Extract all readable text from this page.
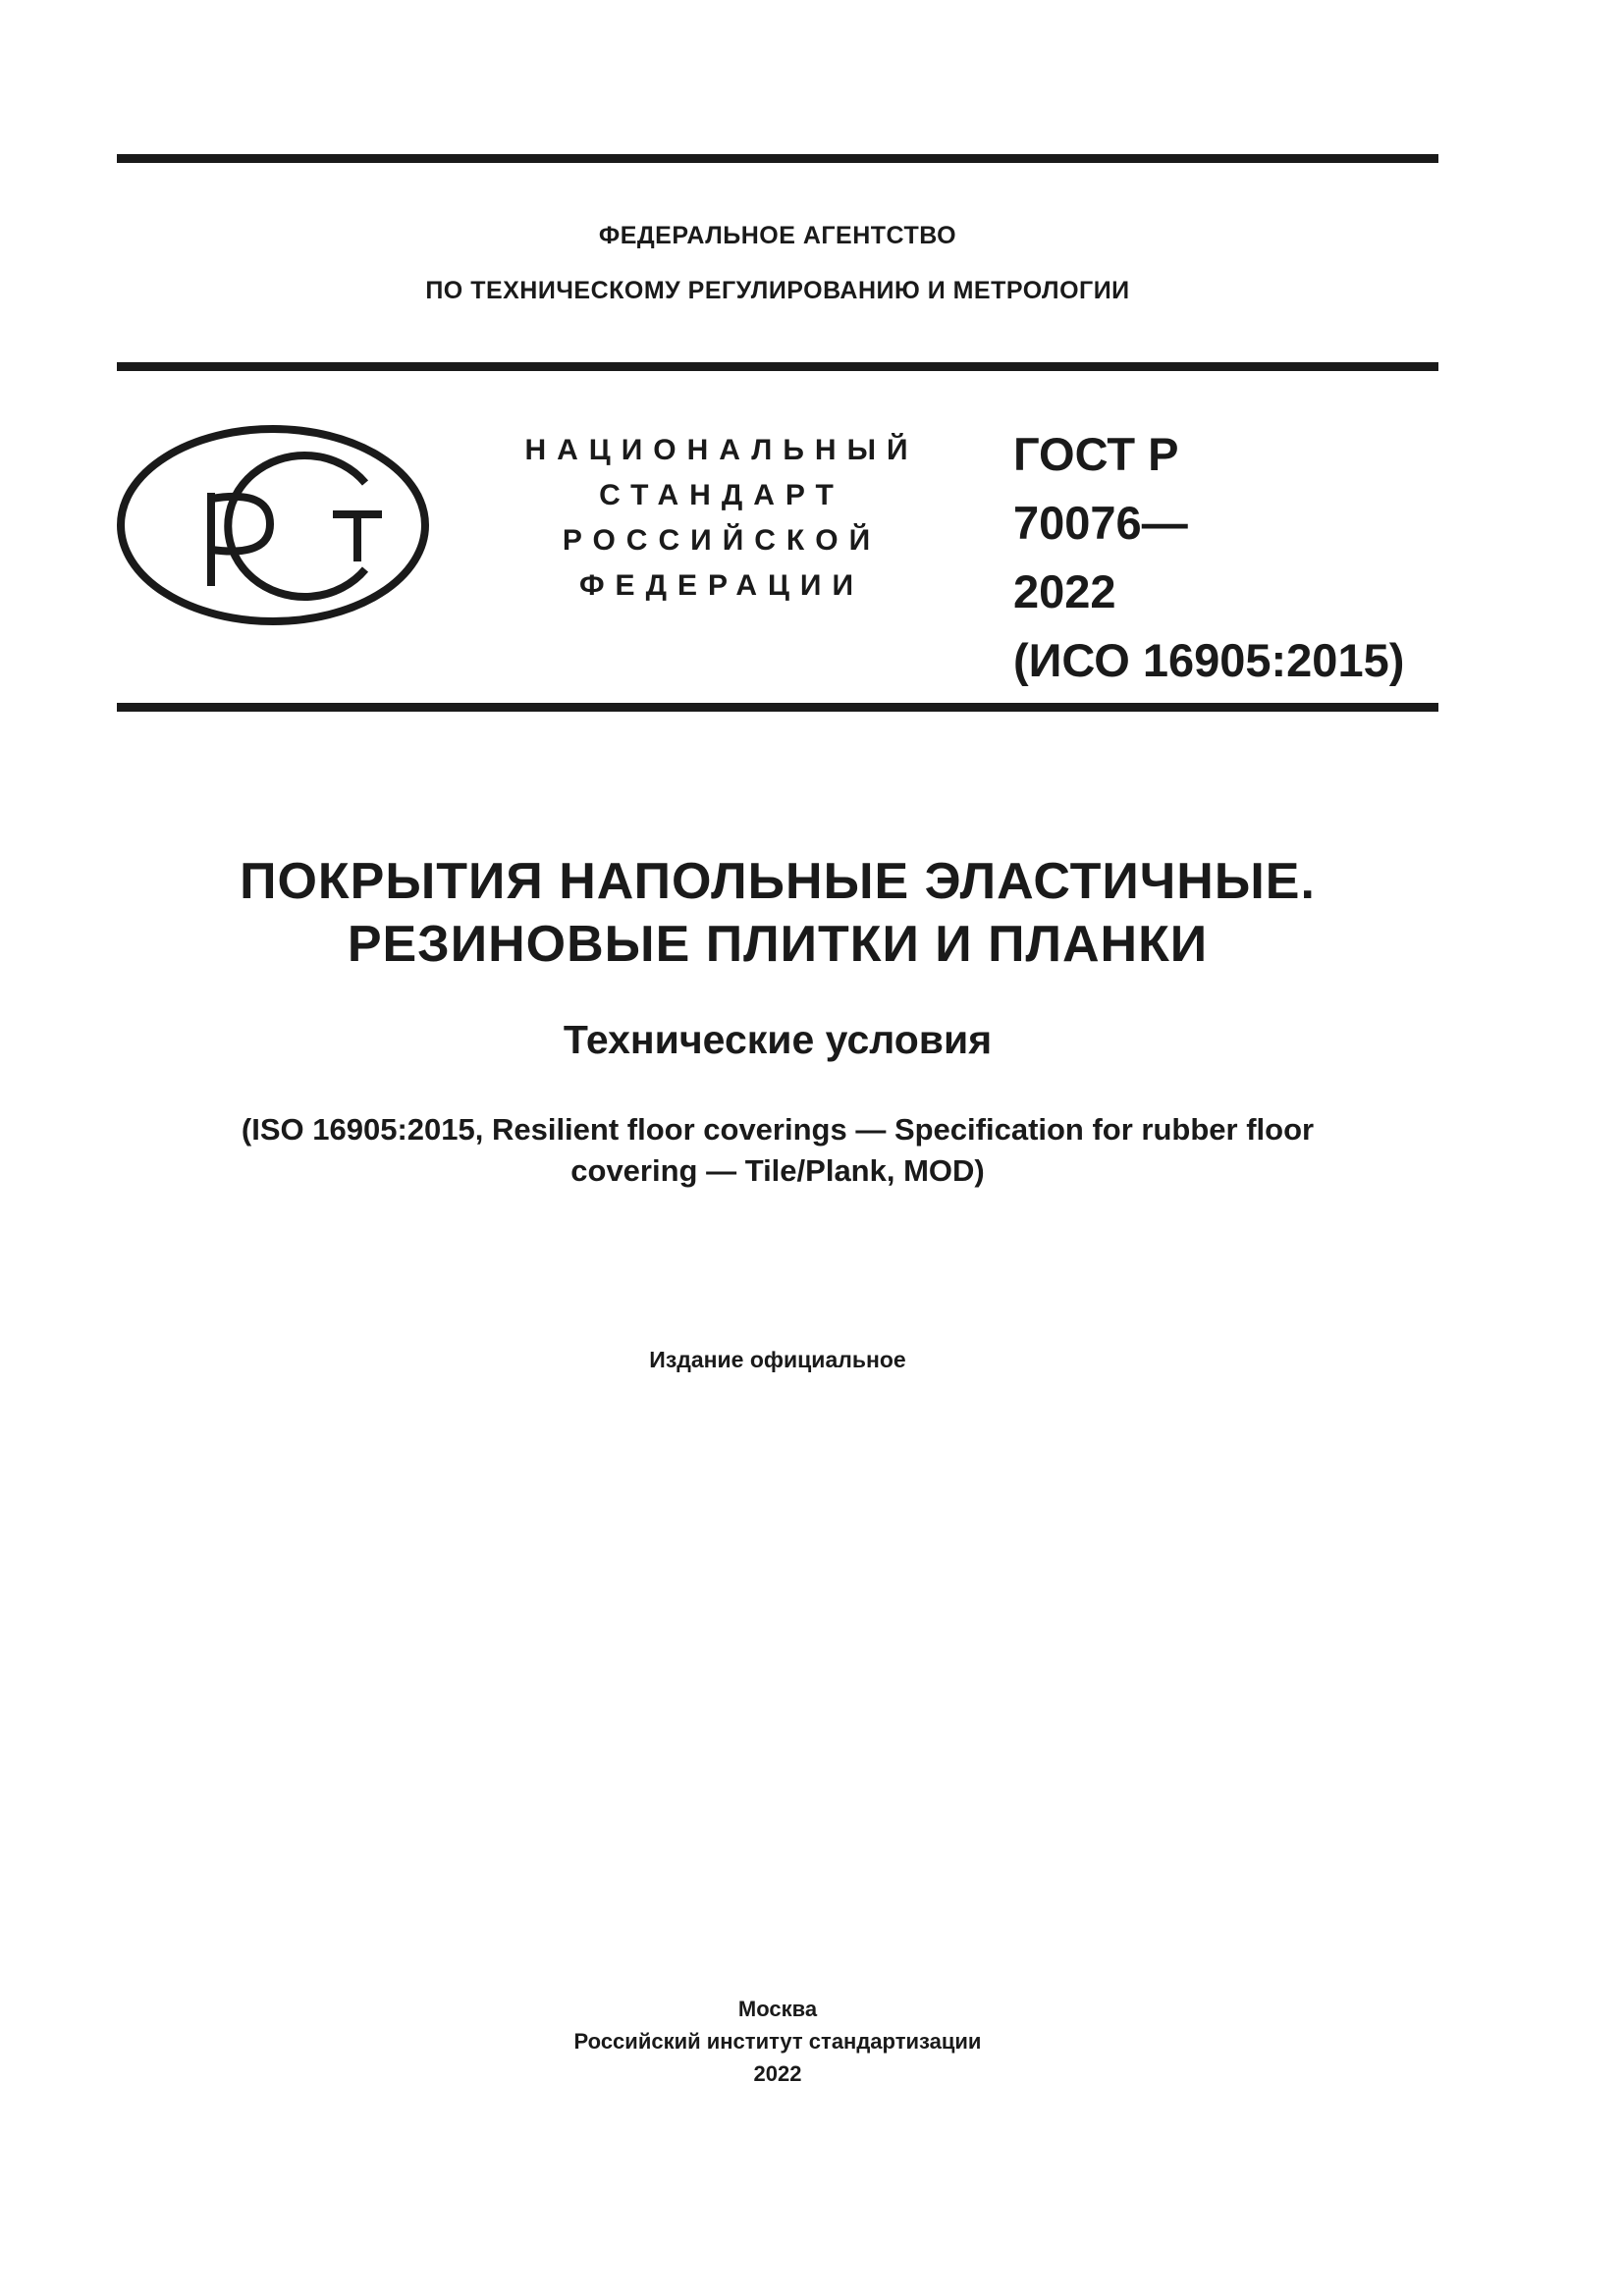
ФЕДЕРАЛЬНОЕ АГЕНТСТВО
ПО ТЕХНИЧЕСКОМУ РЕГУЛИРОВАНИЮ И МЕТРОЛОГИИ
НАЦИОНАЛЬНЫЙ
СТАНДАРТ
РОССИЙСКОЙ
ФЕДЕРАЦИИ
ГОСТ Р
70076—
2022
(ИСО 16905:2015)
ПОКРЫТИЯ НАПОЛЬНЫЕ ЭЛАСТИЧНЫЕ.
РЕЗИНОВЫЕ ПЛИТКИ И ПЛАНКИ
Технические условия
(ISO 16905:2015, Resilient floor coverings — Specification for rubber floor
covering — Tile/Plank, MOD)
Издание официальное
Москва
Российский институт стандартизации
2022
